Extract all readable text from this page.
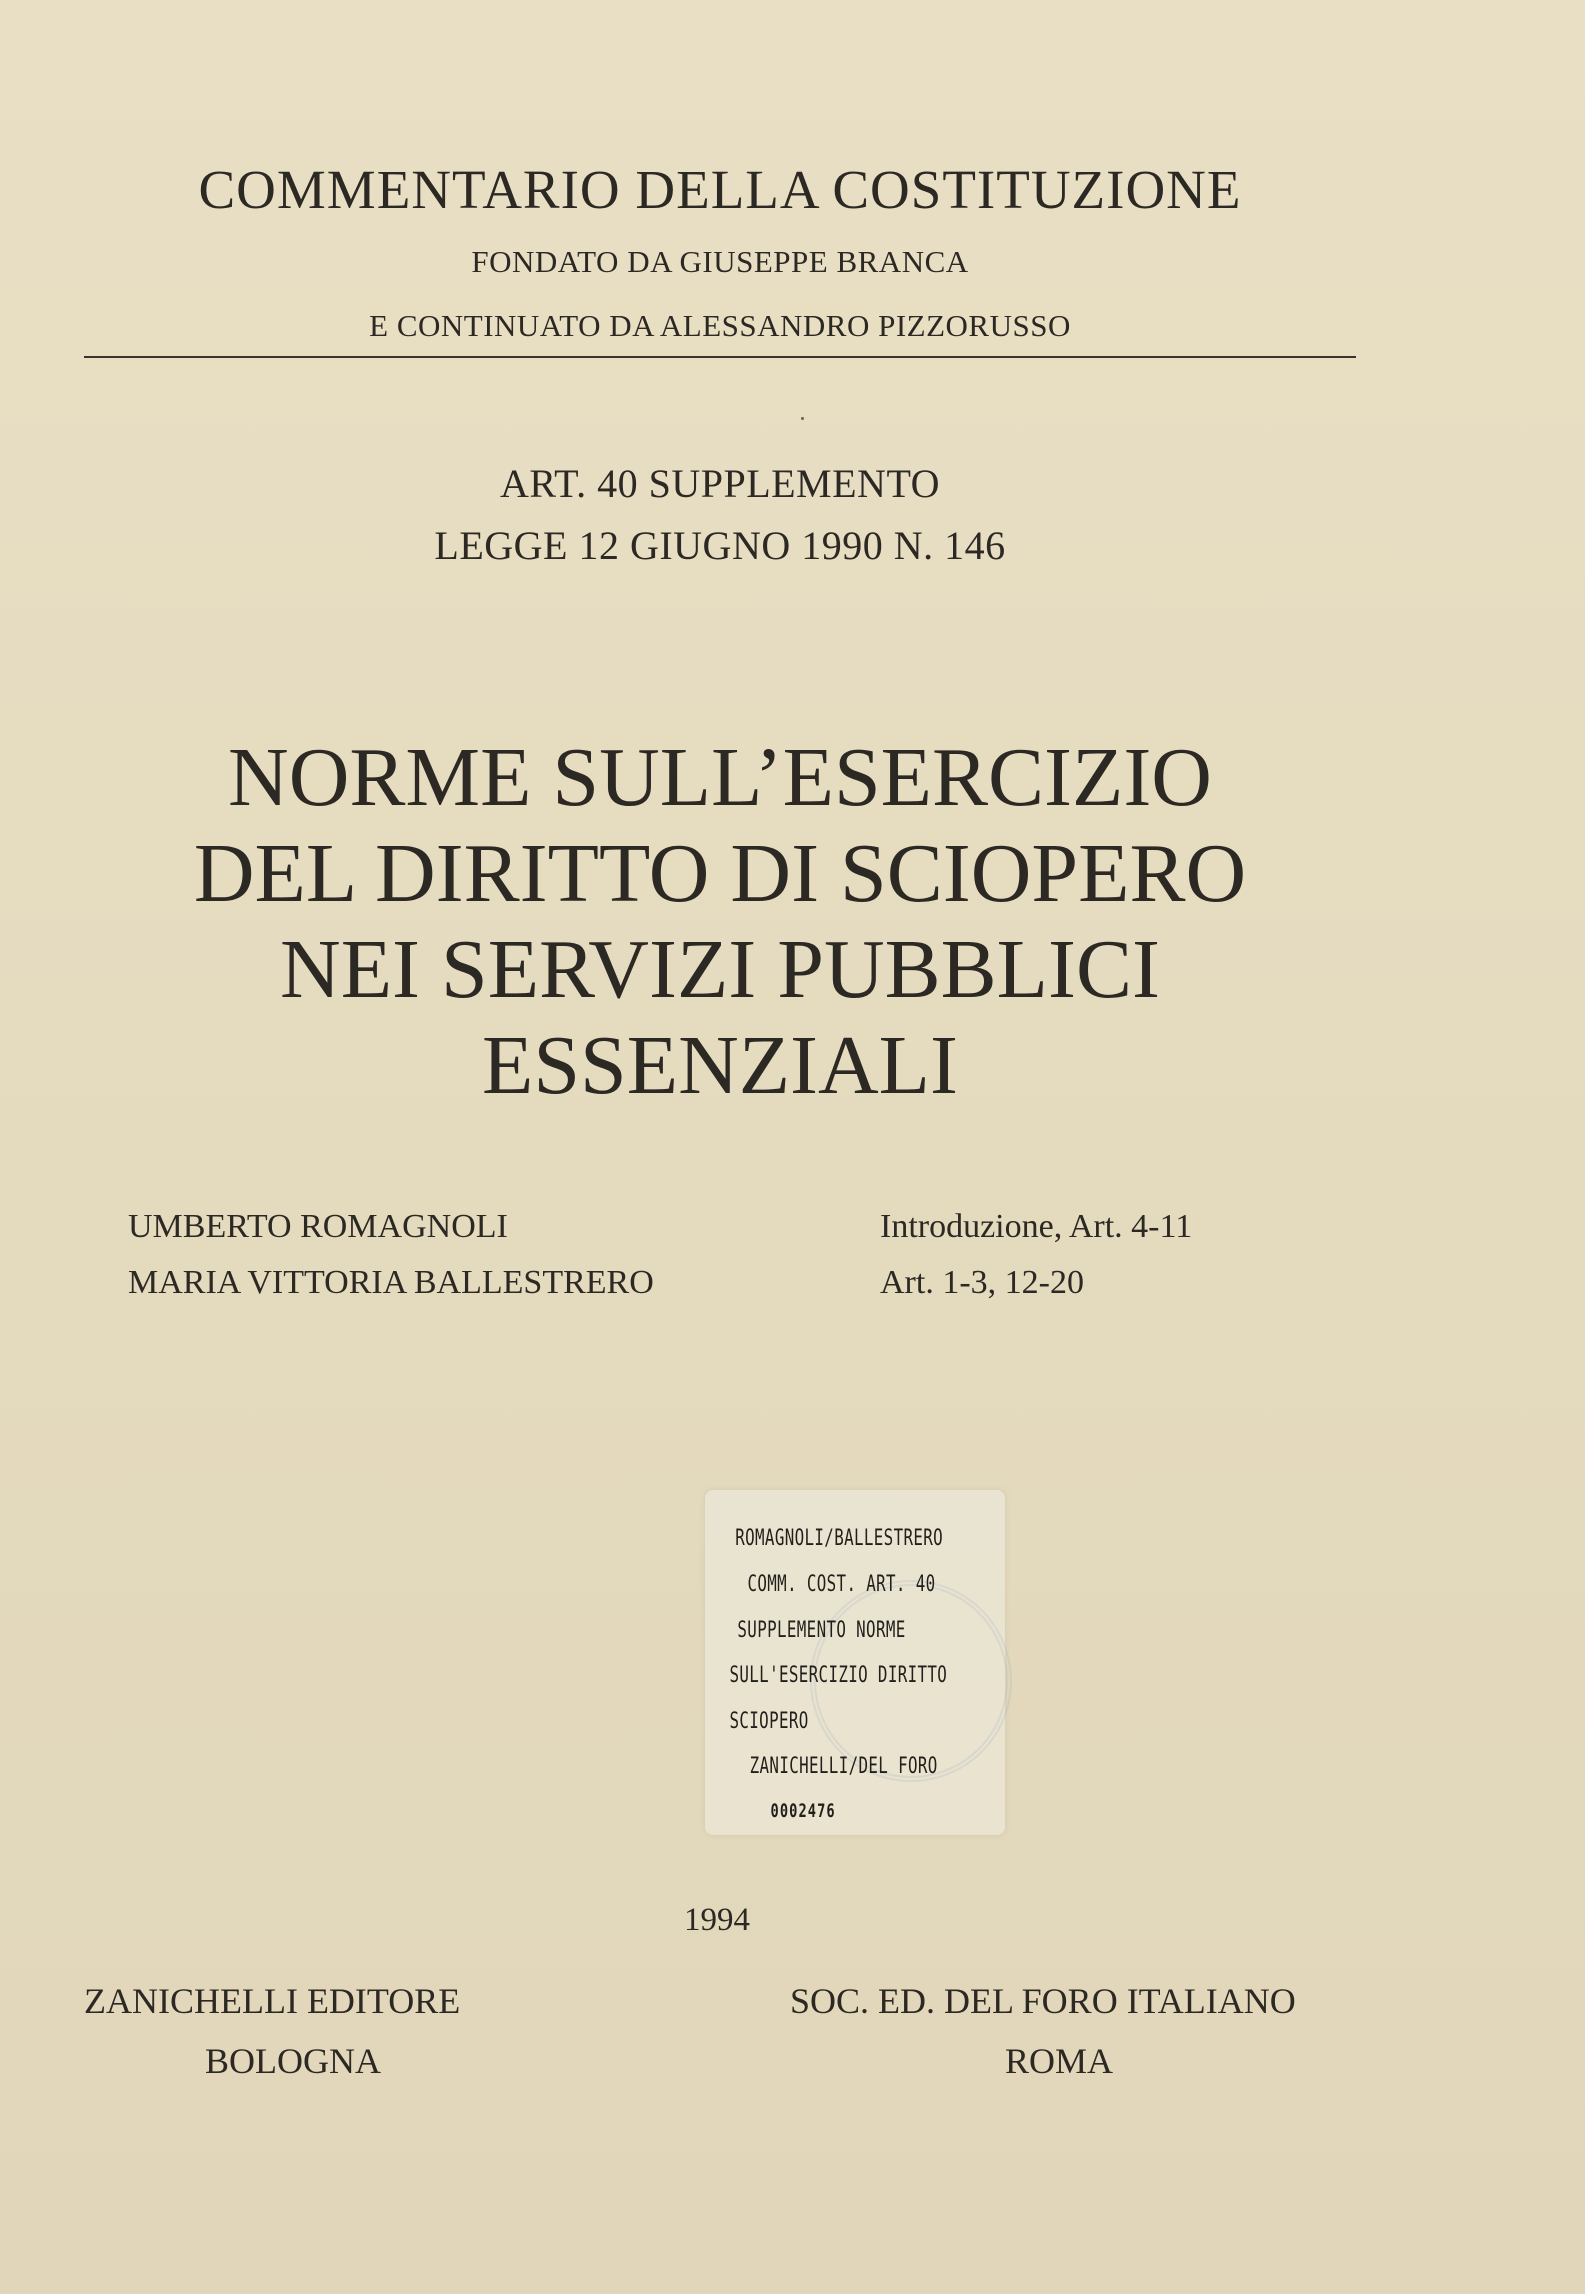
COMMENTARIO DELLA COSTITUZIONE
FONDATO DA GIUSEPPE BRANCA
E CONTINUATO DA ALESSANDRO PIZZORUSSO
ART. 40 SUPPLEMENTO
LEGGE 12 GIUGNO 1990 N. 146
NORME SULL’ESERCIZIO
DEL DIRITTO DI SCIOPERO
NEI SERVIZI PUBBLICI
ESSENZIALI
UMBERTO ROMAGNOLI	Introduzione, Art. 4-11
MARIA VITTORIA BALLESTRERO	Art. 1-3, 12-20
ROMAGNOLI/BALLESTRERO
COMM. COST. ART. 40
SUPPLEMENTO NORME
SULL'ESERCIZIO DIRITTO
SCIOPERO
ZANICHELLI/DEL FORO
0002476
1994
ZANICHELLI EDITORE
BOLOGNA
SOC. ED. DEL FORO ITALIANO
ROMA
